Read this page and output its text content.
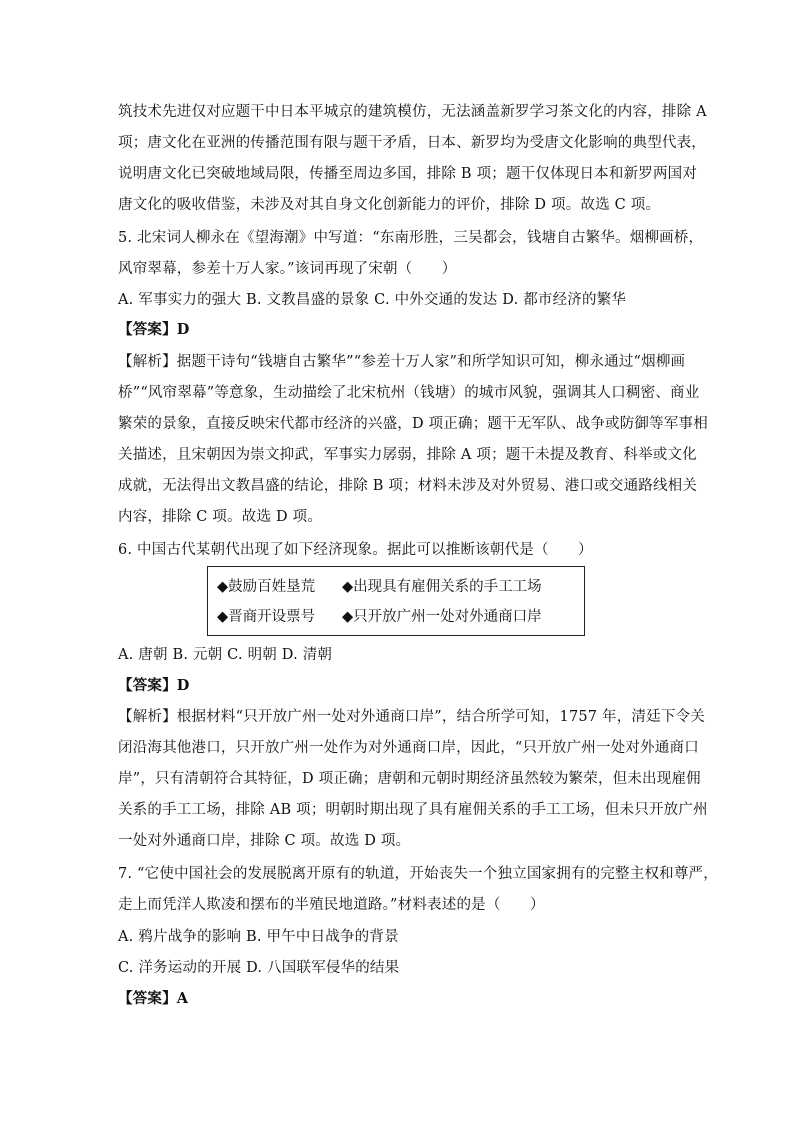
筑技术先进仅对应题干中日本平城京的建筑模仿，无法涵盖新罗学习茶文化的内容，排除 A
项；唐文化在亚洲的传播范围有限与题干矛盾，日本、新罗均为受唐文化影响的典型代表，
说明唐文化已突破地域局限，传播至周边多国，排除 B 项；题干仅体现日本和新罗两国对
唐文化的吸收借鉴，未涉及对其自身文化创新能力的评价，排除 D 项。故选 C 项。
5. 北宋词人柳永在《望海潮》中写道：“东南形胜，三吴都会，钱塘自古繁华。烟柳画桥，
风帘翠幕，参差十万人家。”该词再现了宋朝（　　）
A. 军事实力的强大 B. 文教昌盛的景象 C. 中外交通的发达 D. 都市经济的繁华
【答案】D
【解析】据题干诗句“钱塘自古繁华”“参差十万人家”和所学知识可知，柳永通过“烟柳画
桥”“风帘翠幕”等意象，生动描绘了北宋杭州（钱塘）的城市风貌，强调其人口稠密、商业
繁荣的景象，直接反映宋代都市经济的兴盛，D 项正确；题干无军队、战争或防御等军事相
关描述，且宋朝因为崇文抑武，军事实力孱弱，排除 A 项；题干未提及教育、科举或文化
成就，无法得出文教昌盛的结论，排除 B 项；材料未涉及对外贸易、港口或交通路线相关
内容，排除 C 项。故选 D 项。
6. 中国古代某朝代出现了如下经济现象。据此可以推断该朝代是（　　）
◆鼓励百姓垦荒 ◆出现具有雇佣关系的手工工场
◆晋商开设票号 ◆只开放广州一处对外通商口岸
A. 唐朝 B. 元朝 C. 明朝 D. 清朝
【答案】D
【解析】根据材料“只开放广州一处对外通商口岸”，结合所学可知，1757 年，清廷下令关
闭沿海其他港口，只开放广州一处作为对外通商口岸，因此，“只开放广州一处对外通商口
岸”，只有清朝符合其特征，D 项正确；唐朝和元朝时期经济虽然较为繁荣，但未出现雇佣
关系的手工工场，排除 AB 项；明朝时期出现了具有雇佣关系的手工工场，但未只开放广州
一处对外通商口岸，排除 C 项。故选 D 项。
7. “它使中国社会的发展脱离开原有的轨道，开始丧失一个独立国家拥有的完整主权和尊严，
走上而凭洋人欺凌和摆布的半殖民地道路。”材料表述的是（　　）
A. 鸦片战争的影响 B. 甲午中日战争的背景
C. 洋务运动的开展 D. 八国联军侵华的结果
【答案】A
